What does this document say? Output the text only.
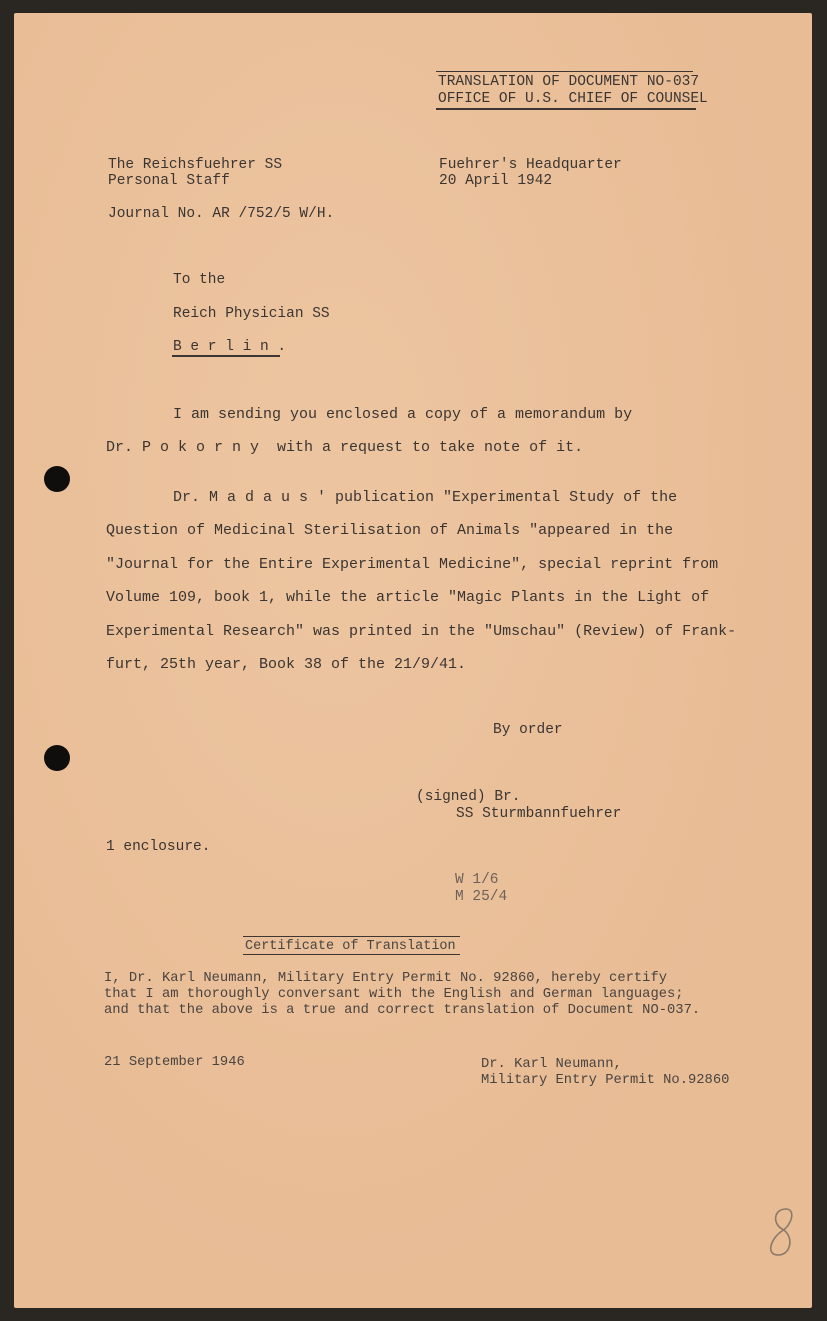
TRANSLATION OF DOCUMENT NO-037
OFFICE OF U.S. CHIEF OF COUNSEL
The Reichsfuehrer SS
Personal Staff
Fuehrer's Headquarter
20 April 1942
Journal No. AR /752/5 W/H.
To the
Reich Physician SS
B e r l i n .
I am sending you enclosed a copy of a memorandum by
Dr. P o k o r n y  with a request to take note of it.
Dr. M a d a u s ' publication "Experimental Study of the
Question of Medicinal Sterilisation of Animals "appeared in the
"Journal for the Entire Experimental Medicine", special reprint from
Volume 109, book 1, while the article "Magic Plants in the Light of
Experimental Research" was printed in the "Umschau" (Review) of Frank-
furt, 25th year, Book 38 of the 21/9/41.
By order
(signed) Br.
SS Sturmbannfuehrer
1 enclosure.
W 1/6
M 25/4
Certificate of Translation
I, Dr. Karl Neumann, Military Entry Permit No. 92860, hereby certify
that I am thoroughly conversant with the English and German languages;
and that the above is a true and correct translation of Document NO-037.
21 September 1946	Dr. Karl Neumann,
Military Entry Permit No.92860
